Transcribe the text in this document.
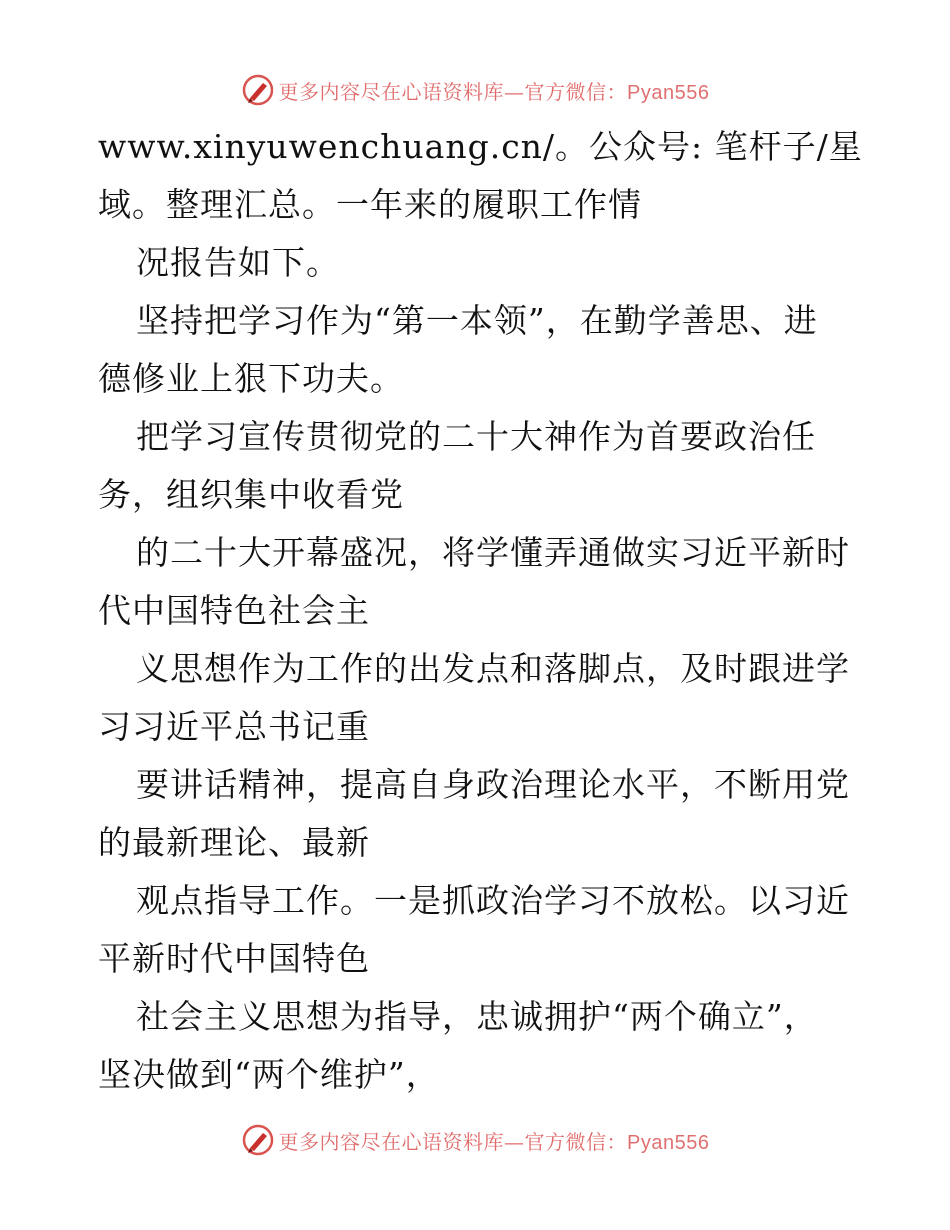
更多内容尽在心语资料库—官方微信：Pyan556
www.xinyuwenchuang.cn/。公众号: 笔杆子/星
域。整理汇总。一年来的履职工作情
况报告如下。
坚持把学习作为“第一本领”，在勤学善思、进
德修业上狠下功夫。
把学习宣传贯彻党的二十大神作为首要政治任
务，组织集中收看党
的二十大开幕盛况，将学懂弄通做实习近平新时
代中国特色社会主
义思想作为工作的出发点和落脚点，及时跟进学
习习近平总书记重
要讲话精神，提高自身政治理论水平，不断用党
的最新理论、最新
观点指导工作。一是抓政治学习不放松。以习近
平新时代中国特色
社会主义思想为指导，忠诚拥护“两个确立”，
坚决做到“两个维护”，
更多内容尽在心语资料库—官方微信：Pyan556
